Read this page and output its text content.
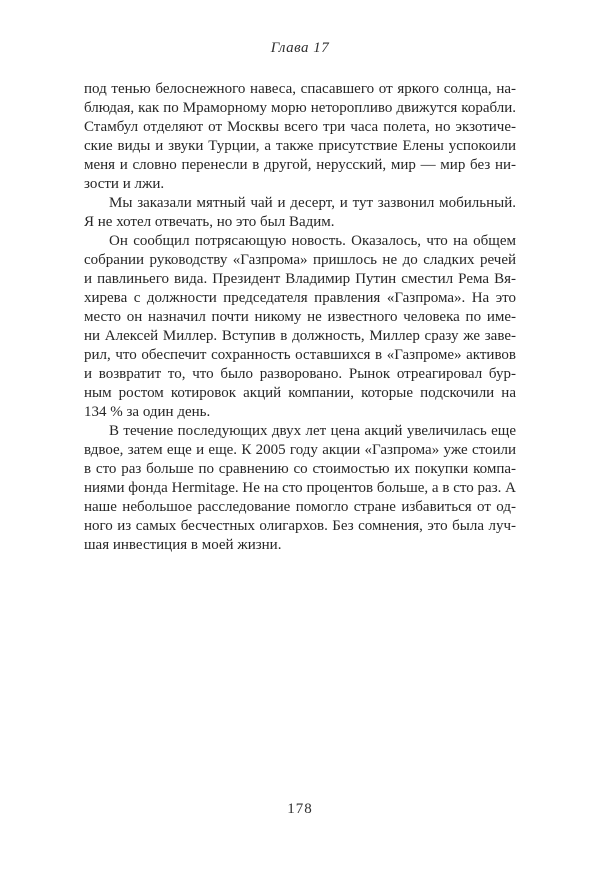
Глава 17
под тенью белоснежного навеса, спасавшего от яркого солнца, на-
блюдая, как по Мраморному морю неторопливо движутся корабли.
Стамбул отделяют от Москвы всего три часа полета, но экзотиче-
ские виды и звуки Турции, а также присутствие Елены успокоили
меня и словно перенесли в другой, нерусский, мир — мир без ни-
зости и лжи.
Мы заказали мятный чай и десерт, и тут зазвонил мобильный.
Я не хотел отвечать, но это был Вадим.
Он сообщил потрясающую новость. Оказалось, что на общем
собрании руководству «Газпрома» пришлось не до сладких речей
и павлиньего вида. Президент Владимир Путин сместил Рема Вя-
хирева с должности председателя правления «Газпрома». На это
место он назначил почти никому не известного человека по име-
ни Алексей Миллер. Вступив в должность, Миллер сразу же заве-
рил, что обеспечит сохранность оставшихся в «Газпроме» активов
и возвратит то, что было разворовано. Рынок отреагировал бур-
ным ростом котировок акций компании, которые подскочили на
134 % за один день.
В течение последующих двух лет цена акций увеличилась еще
вдвое, затем еще и еще. К 2005 году акции «Газпрома» уже стоили
в сто раз больше по сравнению со стоимостью их покупки компа-
ниями фонда Hermitage. Не на сто процентов больше, а в сто раз. А
наше небольшое расследование помогло стране избавиться от од-
ного из самых бесчестных олигархов. Без сомнения, это была луч-
шая инвестиция в моей жизни.
178
